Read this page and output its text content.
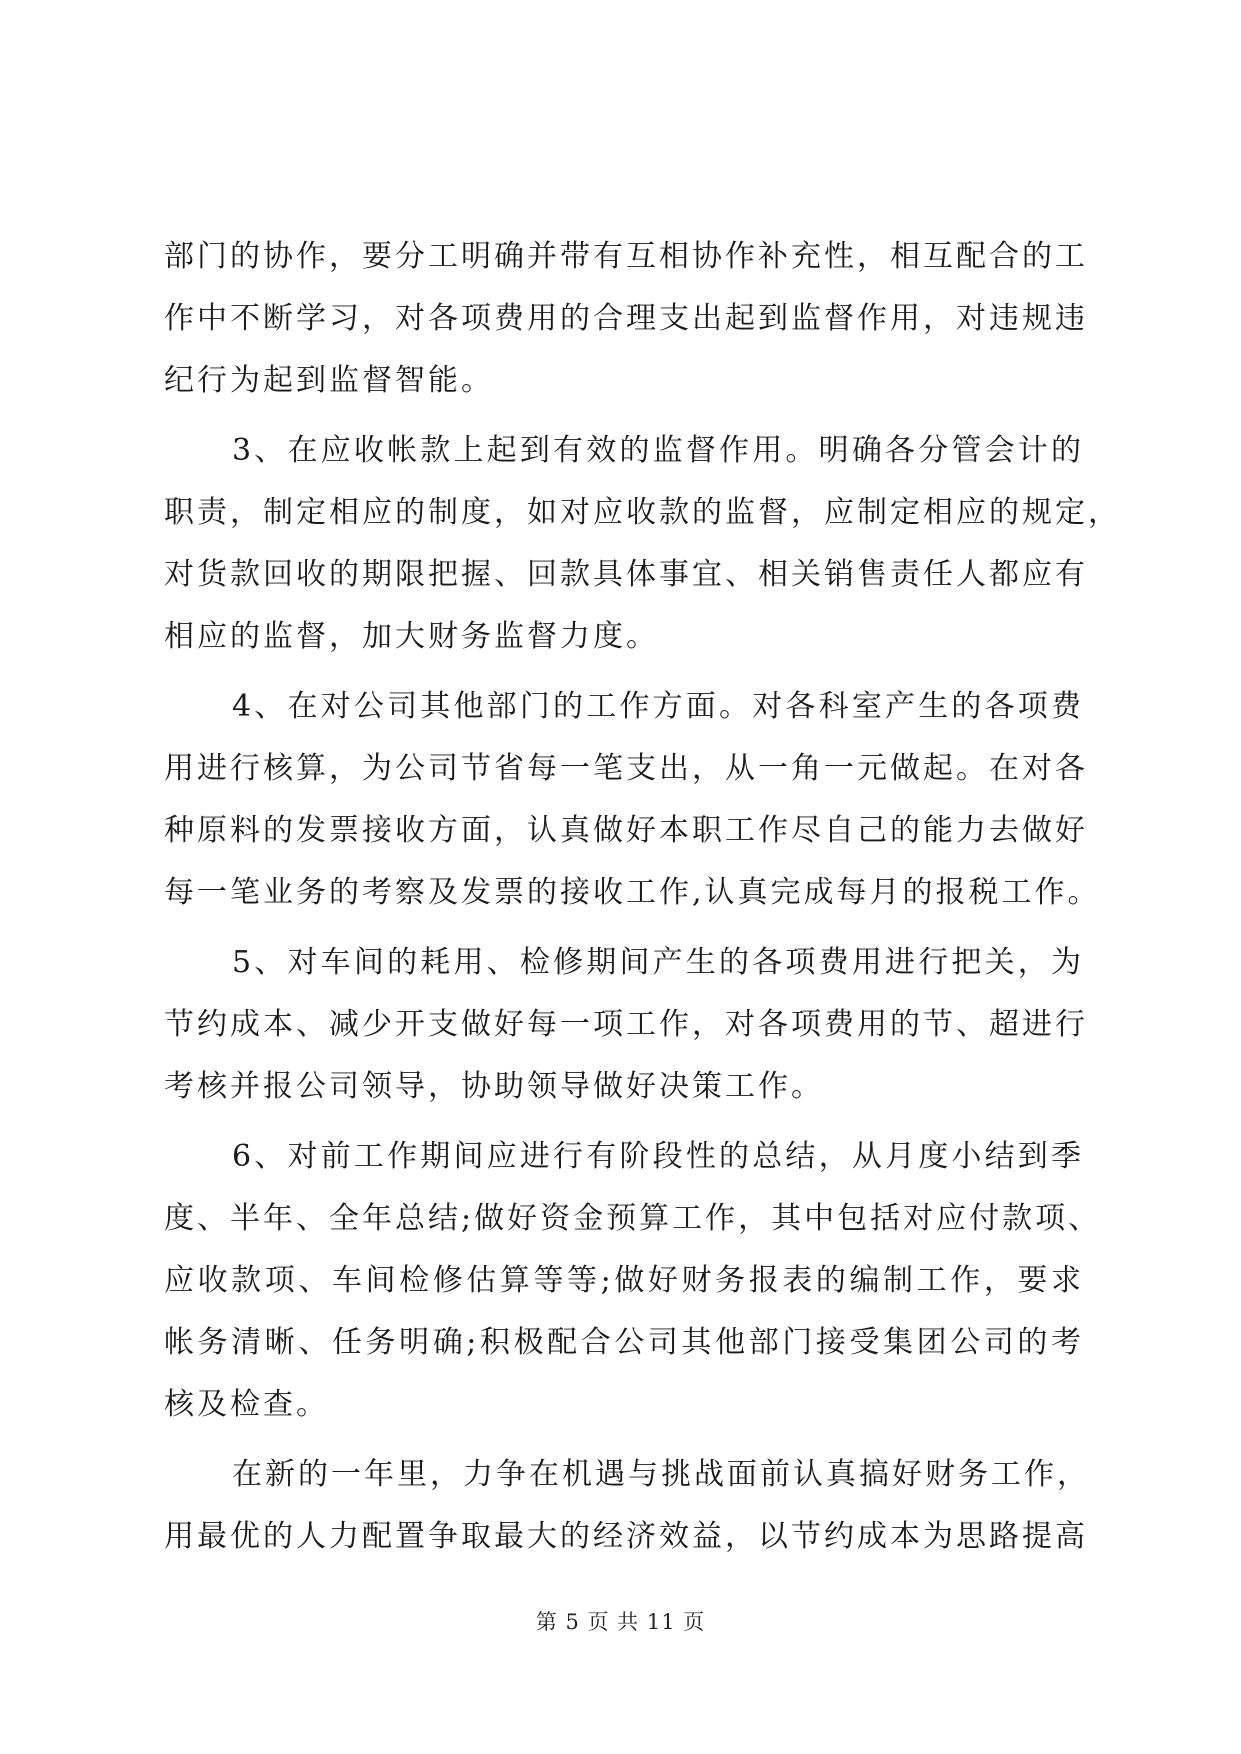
部门的协作，要分工明确并带有互相协作补充性，相互配合的工
作中不断学习，对各项费用的合理支出起到监督作用，对违规违
纪行为起到监督智能。
3、在应收帐款上起到有效的监督作用。明确各分管会计的
职责，制定相应的制度，如对应收款的监督，应制定相应的规定，
对货款回收的期限把握、回款具体事宜、相关销售责任人都应有
相应的监督，加大财务监督力度。
4、在对公司其他部门的工作方面。对各科室产生的各项费
用进行核算，为公司节省每一笔支出，从一角一元做起。在对各
种原料的发票接收方面，认真做好本职工作尽自己的能力去做好
每一笔业务的考察及发票的接收工作,认真完成每月的报税工作。
5、对车间的耗用、检修期间产生的各项费用进行把关，为
节约成本、减少开支做好每一项工作，对各项费用的节、超进行
考核并报公司领导，协助领导做好决策工作。
6、对前工作期间应进行有阶段性的总结，从月度小结到季
度、半年、全年总结;做好资金预算工作，其中包括对应付款项、
应收款项、车间检修估算等等;做好财务报表的编制工作，要求
帐务清晰、任务明确;积极配合公司其他部门接受集团公司的考
核及检查。
在新的一年里，力争在机遇与挑战面前认真搞好财务工作，
用最优的人力配置争取最大的经济效益，以节约成本为思路提高
第 5 页 共 11 页
